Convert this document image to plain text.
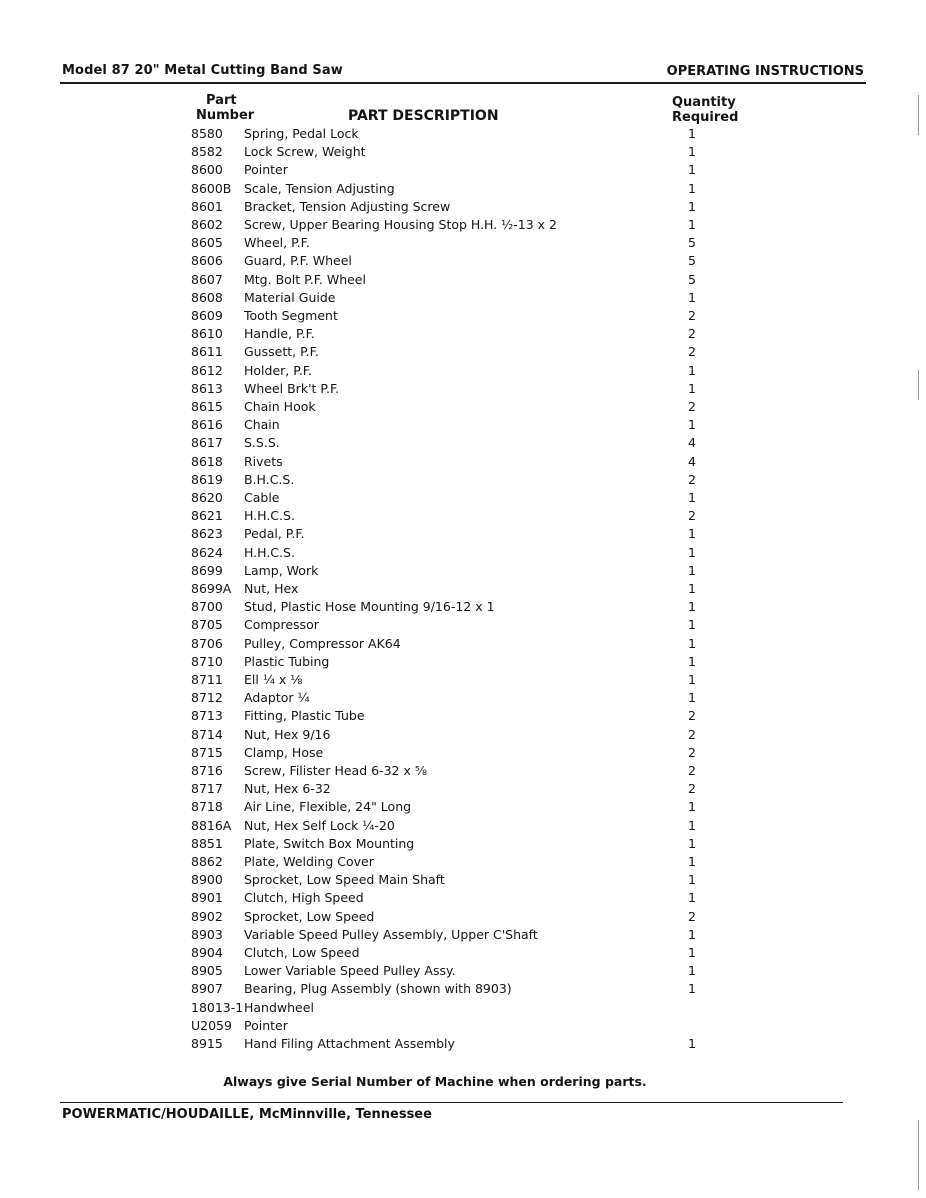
Model 87 20" Metal Cutting Band Saw	OPERATING INSTRUCTIONS
Part
Number	PART DESCRIPTION
Quantity
Required
8580 Spring, Pedal Lock	1
8582 Lock Screw, Weight	1
8600 Pointer	1
8600B Scale, Tension Adjusting	1
8601 Bracket, Tension Adjusting Screw	1
8602 Screw, Upper Bearing Housing Stop H.H. ½-13 x 2	1
8605 Wheel, P.F.	5
8606 Guard, P.F. Wheel	5
8607 Mtg. Bolt P.F. Wheel	5
8608 Material Guide	1
8609 Tooth Segment	2
8610 Handle, P.F.	2
8611 Gussett, P.F.	2
8612 Holder, P.F.	1
8613 Wheel Brk't P.F.	1
8615 Chain Hook	2
8616 Chain	1
8617 S.S.S.	4
8618 Rivets	4
8619 B.H.C.S.	2
8620 Cable	1
8621 H.H.C.S.	2
8623 Pedal, P.F.	1
8624 H.H.C.S.	1
8699 Lamp, Work	1
8699A Nut, Hex	1
8700 Stud, Plastic Hose Mounting 9/16-12 x 1	1
8705 Compressor	1
8706 Pulley, Compressor AK64	1
8710 Plastic Tubing	1
8711 Ell ¼ x ⅛	1
8712 Adaptor ¼	1
8713 Fitting, Plastic Tube	2
8714 Nut, Hex 9/16	2
8715 Clamp, Hose	2
8716 Screw, Filister Head 6-32 x ⅝	2
8717 Nut, Hex 6-32	2
8718 Air Line, Flexible, 24" Long	1
8816A Nut, Hex Self Lock ¼-20	1
8851 Plate, Switch Box Mounting	1
8862 Plate, Welding Cover	1
8900 Sprocket, Low Speed Main Shaft	1
8901 Clutch, High Speed	1
8902 Sprocket, Low Speed	2
8903 Variable Speed Pulley Assembly, Upper C'Shaft	1
8904 Clutch, Low Speed	1
8905 Lower Variable Speed Pulley Assy.	1
8907 Bearing, Plug Assembly (shown with 8903)	1
18013-1 Handwheel
U2059 Pointer
8915 Hand Filing Attachment Assembly	1
Always give Serial Number of Machine when ordering parts.
POWERMATIC/HOUDAILLE, McMinnville, Tennessee
